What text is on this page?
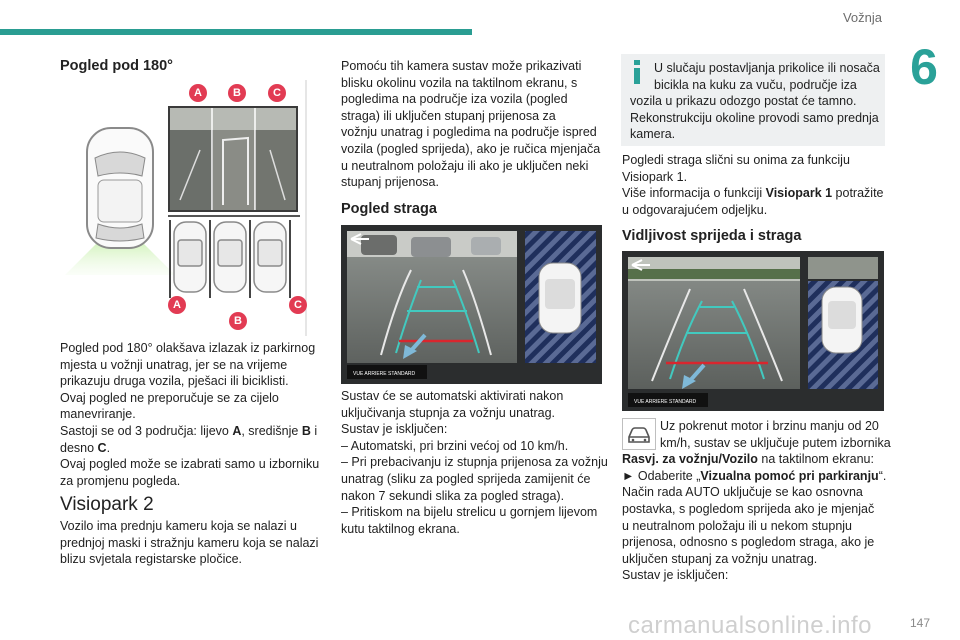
Vožnja
6
Pogled pod 180°
A	B	C
A
B
C
Pogled pod 180° olakšava izlazak iz parkirnog
mjesta u vožnji unatrag, jer se na vrijeme
prikazuju druga vozila, pješaci ili biciklisti.
Ovaj pogled ne preporučuje se za cijelo
manevriranje.
Sastoji se od 3 područja: lijevo A, središnje B i
desno C.
Ovaj pogled može se izabrati samo u izborniku
za promjenu pogleda.
Visiopark 2
Vozilo ima prednju kameru koja se nalazi u
prednjoj maski i stražnju kameru koja se nalazi
blizu svjetala registarske pločice.
Pomoću tih kamera sustav može prikazivati
blisku okolinu vozila na taktilnom ekranu, s
pogledima na područje iza vozila (pogled
straga) ili uključen stupanj prijenosa za
vožnju unatrag i pogledima na područje ispred
vozila (pogled sprijeda), ako je ručica mjenjača
u neutralnom položaju ili ako je uključen neki
stupanj prijenosa.
Pogled straga
VUE ARRIERE STANDARD
Sustav će se automatski aktivirati nakon
uključivanja stupnja za vožnju unatrag.
Sustav je isključen:
– Automatski, pri brzini većoj od 10 km/h.
– Pri prebacivanju iz stupnja prijenosa za vožnju
unatrag (sliku za pogled sprijeda zamijenit će
nakon 7 sekundi slika za pogled straga).
– Pritiskom na bijelu strelicu u gornjem lijevom
kutu taktilnog ekrana.
U slučaju postavljanja prikolice ili nosača
bicikla na kuku za vuču, područje iza
vozila u prikazu odozgo postat će tamno.
Rekonstrukciju okoline provodi samo prednja
kamera.
Pogledi straga slični su onima za funkciju
Visiopark 1.
Više informacija o funkciji Visiopark 1 potražite
u odgovarajućem odjeljku.
Vidljivost sprijeda i straga
VUE ARRIERE STANDARD
Uz pokrenut motor i brzinu manju od 20
km/h, sustav se uključuje putem izbornika
Rasvj. za vožnju/Vozilo na taktilnom ekranu:
► Odaberite „Vizualna pomoć pri parkiranju“.
Način rada AUTO uključuje se kao osnovna
postavka, s pogledom sprijeda ako je mjenjač
u neutralnom položaju ili u nekom stupnju
prijenosa, odnosno s pogledom straga, ako je
uključen stupanj za vožnju unatrag.
Sustav je isključen:
carmanualsonline.info	147
